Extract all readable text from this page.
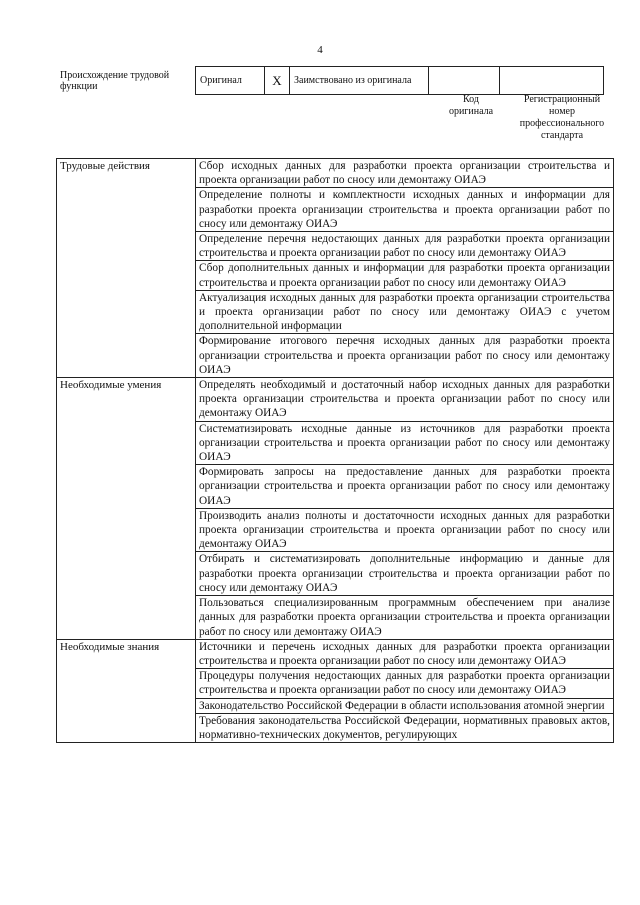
4
Происхождение трудовой функции
Оригинал	X	Заимствовано из оригинала		
Код оригинала
Регистрационный номер профессионального стандарта
Трудовые действия	Сбор исходных данных для разработки проекта организации строительства и проекта организации работ по сносу или демонтажу ОИАЭ
	Определение полноты и комплектности исходных данных и информации для разработки проекта организации строительства и проекта организации работ по сносу или демонтажу ОИАЭ
	Определение перечня недостающих данных для разработки проекта организации строительства и проекта организации работ по сносу или демонтажу ОИАЭ
	Сбор дополнительных данных и информации для разработки проекта организации строительства и проекта организации работ по сносу или демонтажу ОИАЭ
	Актуализация исходных данных для разработки проекта организации строительства и проекта организации работ по сносу или демонтажу ОИАЭ с учетом дополнительной информации
	Формирование итогового перечня исходных данных для разработки проекта организации строительства и проекта организации работ по сносу или демонтажу ОИАЭ
Необходимые умения	Определять необходимый и достаточный набор исходных данных для разработки проекта организации строительства и проекта организации работ по сносу или демонтажу ОИАЭ
	Систематизировать исходные данные из источников для разработки проекта организации строительства и проекта организации работ по сносу или демонтажу ОИАЭ
	Формировать запросы на предоставление данных для разработки проекта организации строительства и проекта организации работ по сносу или демонтажу ОИАЭ
	Производить анализ полноты и достаточности исходных данных для разработки проекта организации строительства и проекта организации работ по сносу или демонтажу ОИАЭ
	Отбирать и систематизировать дополнительные информацию и данные для разработки проекта организации строительства и проекта организации работ по сносу или демонтажу ОИАЭ
	Пользоваться специализированным программным обеспечением при анализе данных для разработки проекта организации строительства и проекта организации работ по сносу или демонтажу ОИАЭ
Необходимые знания	Источники и перечень исходных данных для разработки проекта организации строительства и проекта организации работ по сносу или демонтажу ОИАЭ
	Процедуры получения недостающих данных для разработки проекта организации строительства и проекта организации работ по сносу или демонтажу ОИАЭ
	Законодательство Российской Федерации в области использования атомной энергии
	Требования законодательства Российской Федерации, нормативных правовых актов, нормативно-технических документов, регулирующих
